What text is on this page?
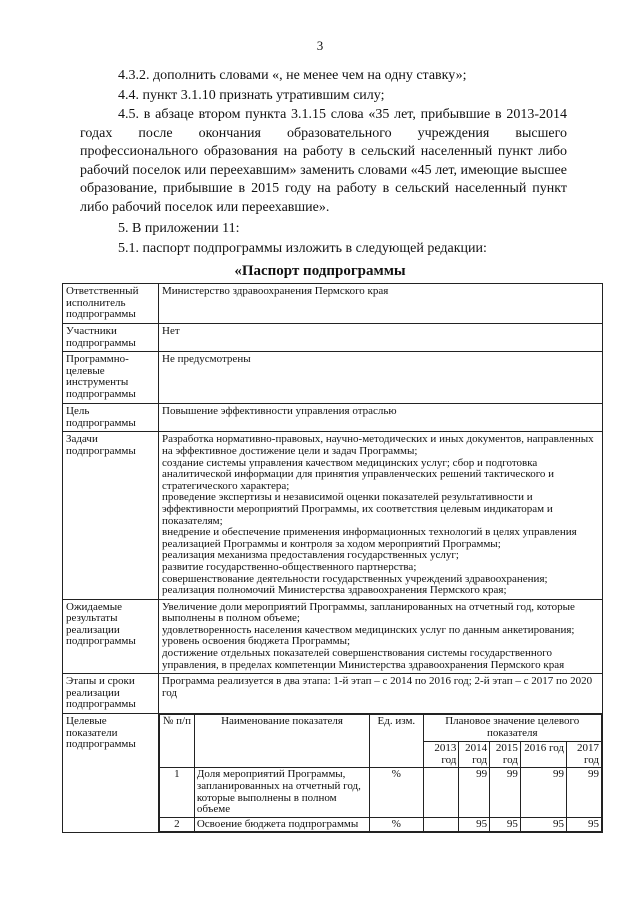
3
4.3.2. дополнить словами «, не менее чем на одну ставку»;
4.4. пункт 3.1.10 признать утратившим силу;
4.5. в абзаце втором пункта 3.1.15 слова «35 лет, прибывшие в 2013-2014 годах после окончания образовательного учреждения высшего профессионального образования на работу в сельский населенный пункт либо рабочий поселок или переехавшим» заменить словами «45 лет, имеющие высшее образование, прибывшие в 2015 году на работу в сельский населенный пункт либо рабочий поселок или переехавшие».
5. В приложении 11:
5.1. паспорт подпрограммы изложить в следующей редакции:
«Паспорт подпрограммы
Ответственный исполнитель подпрограммы	
Министерство здравоохранения Пермского края

Участники подпрограммы	
Нет

Программно-целевые инструменты подпрограммы	
Не предусмотрены

Цель подпрограммы	
Повышение эффективности управления отраслью

Задачи подпрограммы	
Разработка нормативно-правовых, научно-методических и иных документов, направленных на эффективное достижение цели и задач Программы;
создание системы управления качеством медицинских услуг; сбор и подготовка аналитической информации для принятия управленческих решений тактического и стратегического характера;
проведение экспертизы и независимой оценки показателей результативности и эффективности мероприятий Программы, их соответствия целевым индикаторам и показателям;
внедрение и обеспечение применения информационных технологий в целях управления реализацией Программы и контроля за ходом мероприятий Программы;
реализация механизма предоставления государственных услуг;
развитие государственно-общественного партнерства;
совершенствование деятельности государственных учреждений здравоохранения;
реализация полномочий Министерства здравоохранения Пермского края;

Ожидаемые результаты реализации подпрограммы	
Увеличение доли мероприятий Программы, запланированных на отчетный год, которые выполнены в полном объеме;
удовлетворенность населения качеством медицинских услуг по данным анкетирования;
уровень освоения бюджета Программы;
достижение отдельных показателей совершенствования системы государственного управления, в пределах компетенции Министерства здравоохранения Пермского края

Этапы и сроки реализации подпрограммы	
Программа реализуется в два этапа: 1-й этап – с 2014 по 2016 год; 2-й этап – с 2017 по 2020 год

Целевые показатели подпрограммы	
№ п/п	Наименование показателя	Ед. изм.	Плановое значение целевого показателя
2013 год	2014 год	2015 год	2016 год	2017 год
1	Доля мероприятий Программы, запланированных на отчетный год, которые выполнены в полном объеме	%		99	99	99	99
2	Освоение бюджета подпрограммы	%		95	95	95	95
